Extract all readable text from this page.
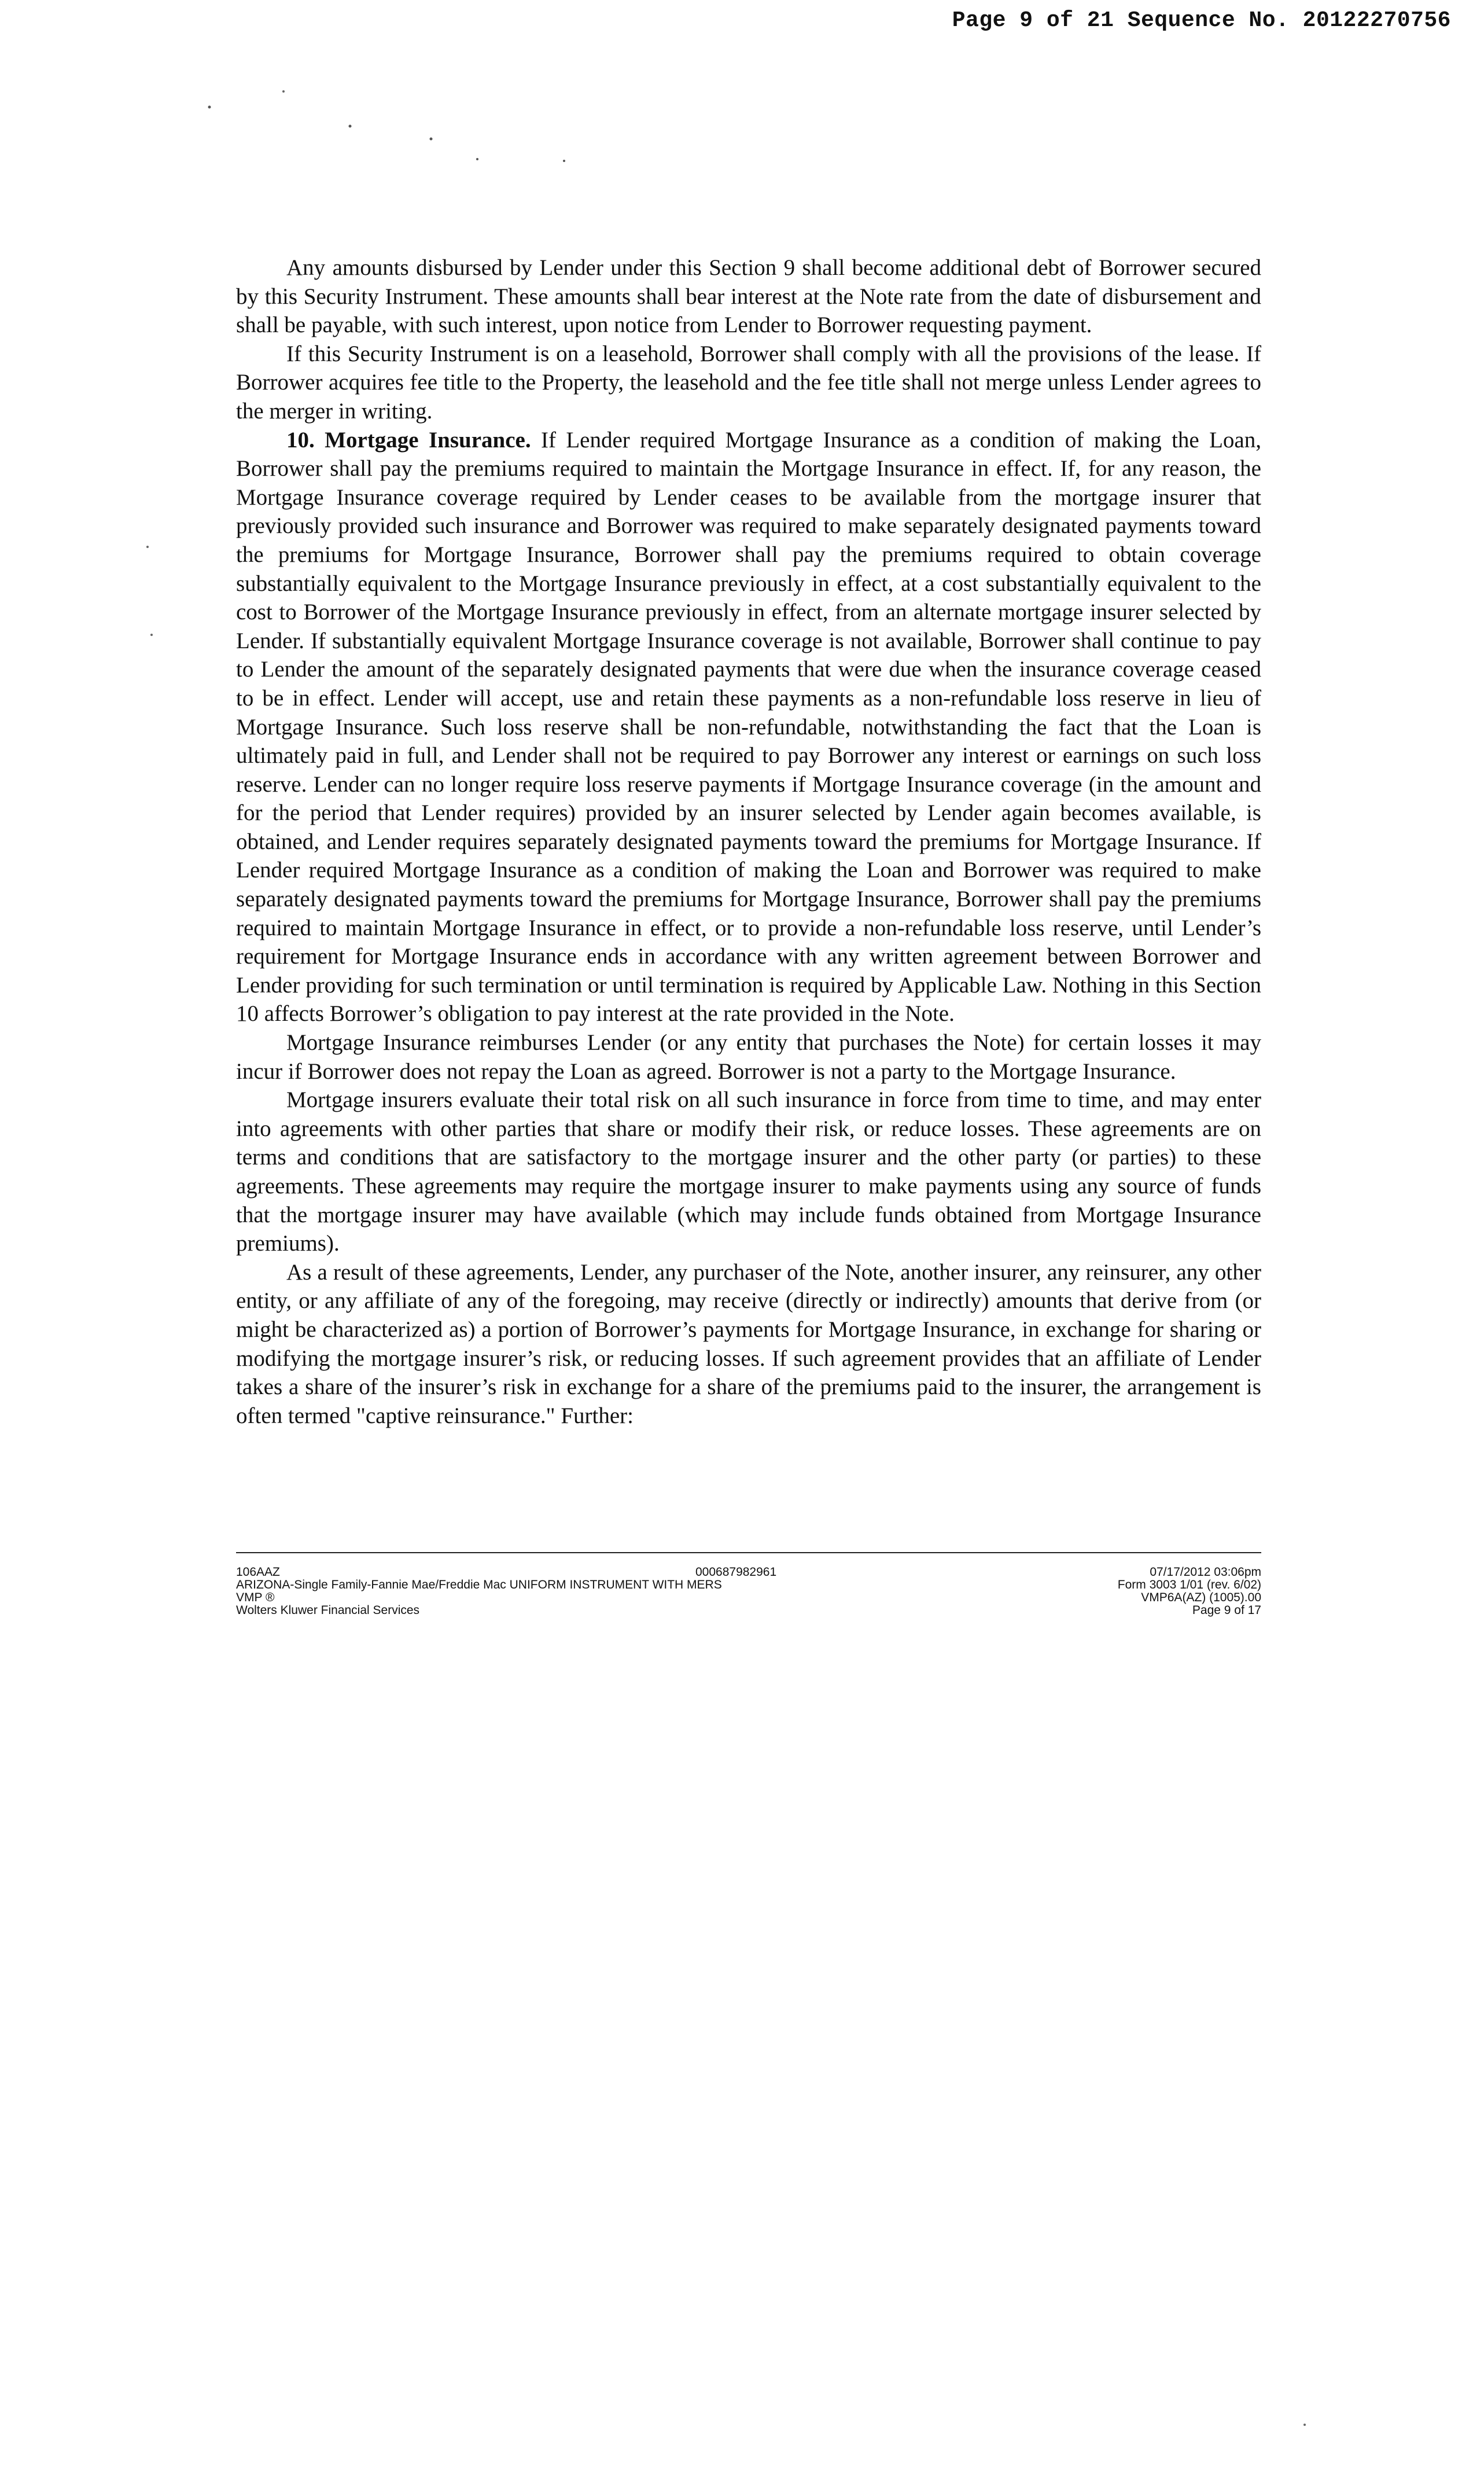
Page 9 of 21 Sequence No. 20122270756

Any amounts disbursed by Lender under this Section 9 shall become additional debt of Borrower secured by this Security Instrument. These amounts shall bear interest at the Note rate from the date of disbursement and shall be payable, with such interest, upon notice from Lender to Borrower requesting payment.

If this Security Instrument is on a leasehold, Borrower shall comply with all the provisions of the lease. If Borrower acquires fee title to the Property, the leasehold and the fee title shall not merge unless Lender agrees to the merger in writing.

10. Mortgage Insurance. If Lender required Mortgage Insurance as a condition of making the Loan, Borrower shall pay the premiums required to maintain the Mortgage Insurance in effect. If, for any reason, the Mortgage Insurance coverage required by Lender ceases to be available from the mortgage insurer that previously provided such insurance and Borrower was required to make separately designated payments toward the premiums for Mortgage Insurance, Borrower shall pay the premiums required to obtain coverage substantially equivalent to the Mortgage Insurance previously in effect, at a cost substantially equivalent to the cost to Borrower of the Mortgage Insurance previously in effect, from an alternate mortgage insurer selected by Lender. If substantially equivalent Mortgage Insurance coverage is not available, Borrower shall continue to pay to Lender the amount of the separately designated payments that were due when the insurance coverage ceased to be in effect. Lender will accept, use and retain these payments as a non-refundable loss reserve in lieu of Mortgage Insurance. Such loss reserve shall be non-refundable, notwithstanding the fact that the Loan is ultimately paid in full, and Lender shall not be required to pay Borrower any interest or earnings on such loss reserve. Lender can no longer require loss reserve payments if Mortgage Insurance coverage (in the amount and for the period that Lender requires) provided by an insurer selected by Lender again becomes available, is obtained, and Lender requires separately designated payments toward the premiums for Mortgage Insurance. If Lender required Mortgage Insurance as a condition of making the Loan and Borrower was required to make separately designated payments toward the premiums for Mortgage Insurance, Borrower shall pay the premiums required to maintain Mortgage Insurance in effect, or to provide a non-refundable loss reserve, until Lender’s requirement for Mortgage Insurance ends in accordance with any written agreement between Borrower and Lender providing for such termination or until termination is required by Applicable Law. Nothing in this Section 10 affects Borrower’s obligation to pay interest at the rate provided in the Note.

Mortgage Insurance reimburses Lender (or any entity that purchases the Note) for certain losses it may incur if Borrower does not repay the Loan as agreed. Borrower is not a party to the Mortgage Insurance.

Mortgage insurers evaluate their total risk on all such insurance in force from time to time, and may enter into agreements with other parties that share or modify their risk, or reduce losses. These agreements are on terms and conditions that are satisfactory to the mortgage insurer and the other party (or parties) to these agreements. These agreements may require the mortgage insurer to make payments using any source of funds that the mortgage insurer may have available (which may include funds obtained from Mortgage Insurance premiums).

As a result of these agreements, Lender, any purchaser of the Note, another insurer, any reinsurer, any other entity, or any affiliate of any of the foregoing, may receive (directly or indirectly) amounts that derive from (or might be characterized as) a portion of Borrower’s payments for Mortgage Insurance, in exchange for sharing or modifying the mortgage insurer’s risk, or reducing losses. If such agreement provides that an affiliate of Lender takes a share of the insurer’s risk in exchange for a share of the premiums paid to the insurer, the arrangement is often termed "captive reinsurance." Further:

106AAZ
ARIZONA-Single Family-Fannie Mae/Freddie Mac UNIFORM INSTRUMENT WITH MERS
VMP ®
Wolters Kluwer Financial Services
000687982961	07/17/2012 03:06pm
Form 3003 1/01 (rev. 6/02)
VMP6A(AZ) (1005).00
Page 9 of 17
